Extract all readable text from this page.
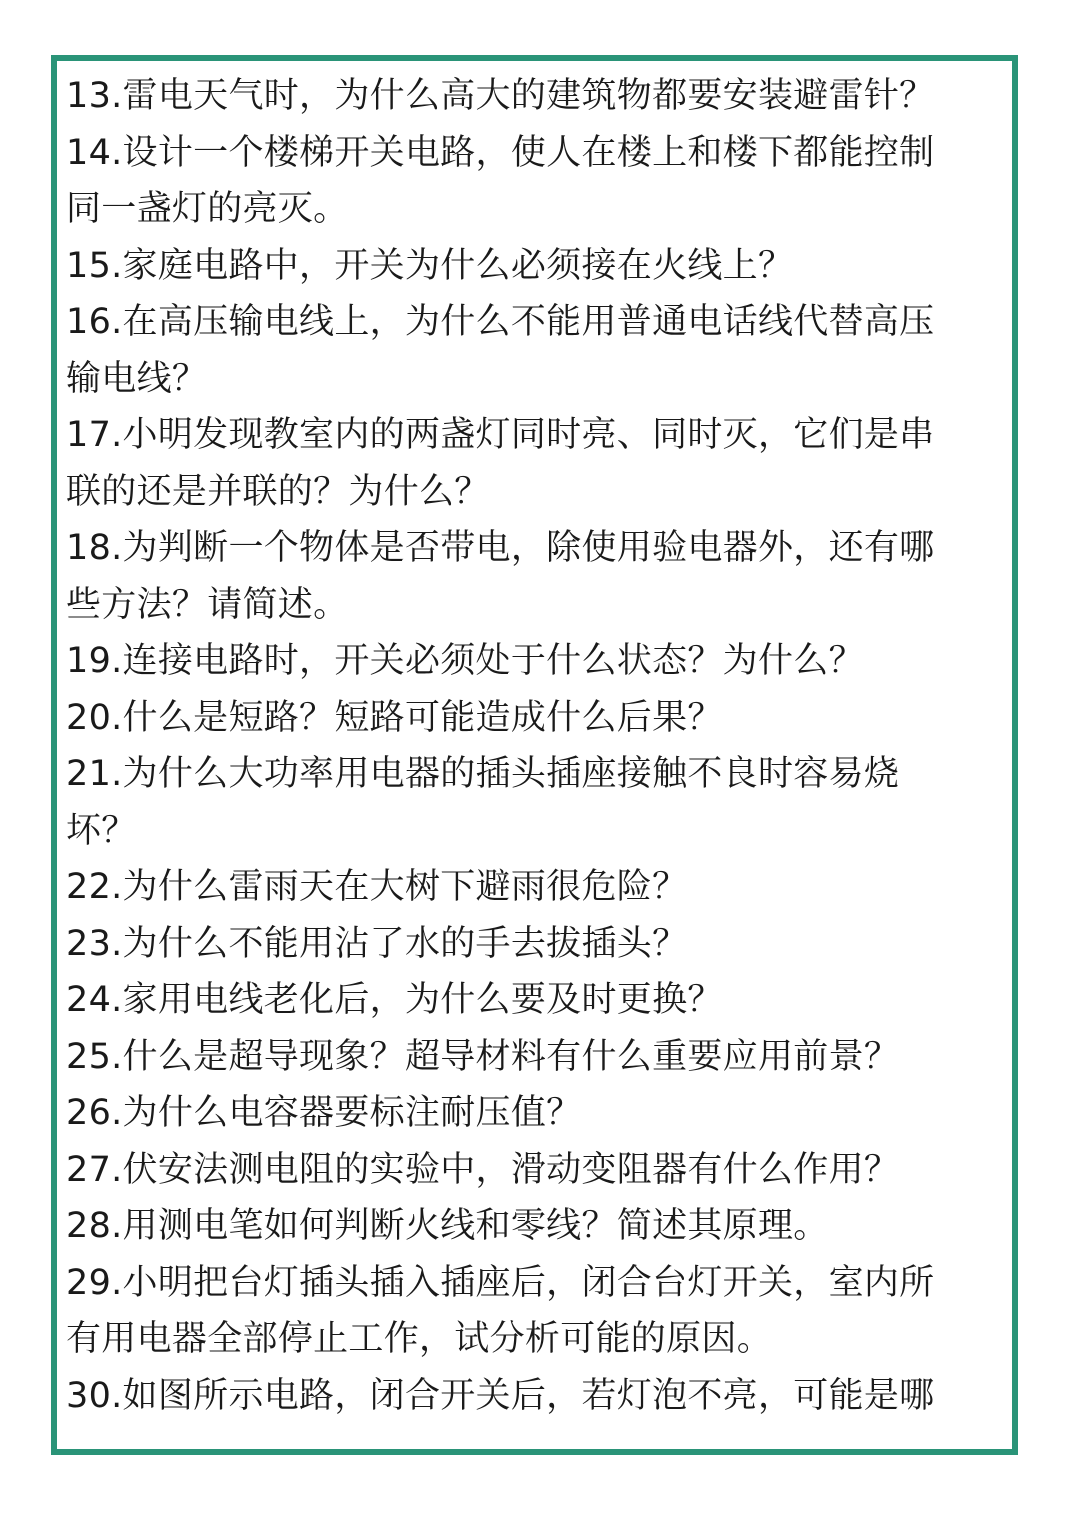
13.雷电天气时，为什么高大的建筑物都要安装避雷针？
14.设计一个楼梯开关电路，使人在楼上和楼下都能控制
同一盏灯的亮灭。
15.家庭电路中，开关为什么必须接在火线上？
16.在高压输电线上，为什么不能用普通电话线代替高压
输电线？
17.小明发现教室内的两盏灯同时亮、同时灭，它们是串
联的还是并联的？为什么？
18.为判断一个物体是否带电，除使用验电器外，还有哪
些方法？请简述。
19.连接电路时，开关必须处于什么状态？为什么？
20.什么是短路？短路可能造成什么后果？
21.为什么大功率用电器的插头插座接触不良时容易烧
坏？
22.为什么雷雨天在大树下避雨很危险？
23.为什么不能用沾了水的手去拔插头？
24.家用电线老化后，为什么要及时更换？
25.什么是超导现象？超导材料有什么重要应用前景？
26.为什么电容器要标注耐压值？
27.伏安法测电阻的实验中，滑动变阻器有什么作用？
28.用测电笔如何判断火线和零线？简述其原理。
29.小明把台灯插头插入插座后，闭合台灯开关，室内所
有用电器全部停止工作，试分析可能的原因。
30.如图所示电路，闭合开关后，若灯泡不亮，可能是哪
